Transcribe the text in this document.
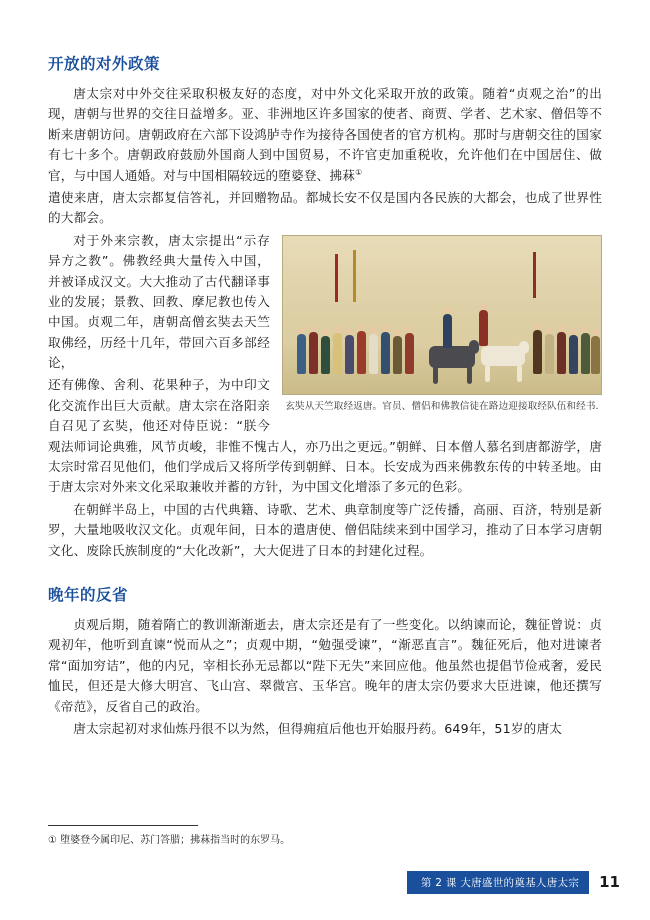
开放的对外政策

唐太宗对中外交往采取积极友好的态度，对中外文化采取开放的政策。随着“贞观之治”的出现，唐朝与世界的交往日益增多。亚、非洲地区许多国家的使者、商贾、学者、艺术家、僧侣等不断来唐朝访问。唐朝政府在六部下设鸿胪寺作为接待各国使者的官方机构。那时与唐朝交往的国家有七十多个。唐朝政府鼓励外国商人到中国贸易，不许官吏加重税收，允许他们在中国居住、做官，与中国人通婚。对与中国相隔较远的堕婆登、拂菻①

遣使来唐，唐太宗都复信答礼，并回赠物品。都城长安不仅是国内各民族的大都会，也成了世界性的大都会。

玄奘从天竺取经返唐。官员、僧侣和佛教信徒在路边迎接取经队伍和经书.

对于外来宗教，唐太宗提出“示存异方之教”。佛教经典大量传入中国，并被译成汉文。大大推动了古代翻译事业的发展；景教、回教、摩尼教也传入中国。贞观二年，唐朝高僧玄奘去天竺取佛经，历经十几年，带回六百多部经论，

还有佛像、舍利、花果种子，为中印文化交流作出巨大贡献。唐太宗在洛阳亲自召见了玄奘，他还对侍臣说：“朕今观法师词论典雅，风节贞峻，非惟不愧古人，亦乃出之更远。”朝鲜、日本僧人慕名到唐都游学，唐太宗时常召见他们，他们学成后又将所学传到朝鲜、日本。长安成为西来佛教东传的中转圣地。由于唐太宗对外来文化采取兼收并蓄的方针，为中国文化增添了多元的色彩。

在朝鲜半岛上，中国的古代典籍、诗歌、艺术、典章制度等广泛传播，高丽、百济，特别是新罗，大量地吸收汉文化。贞观年间，日本的遣唐使、僧侣陆续来到中国学习，推动了日本学习唐朝文化、废除氏族制度的“大化改新”，大大促进了日本的封建化过程。

晚年的反省

贞观后期，随着隋亡的教训渐渐逝去，唐太宗还是有了一些变化。以纳谏而论，魏征曾说：贞观初年，他听到直谏“悦而从之”；贞观中期，“勉强受谏”，“渐恶直言”。魏征死后，他对进谏者常“面加穷诘”，他的内兄，宰相长孙无忌都以“陛下无失”来回应他。他虽然也提倡节俭戒奢，爱民恤民，但还是大修大明宫、飞山宫、翠微宫、玉华宫。晚年的唐太宗仍要求大臣进谏，他还撰写《帝范》，反省自己的政治。

唐太宗起初对求仙炼丹很不以为然，但得痈疽后他也开始服丹药。649年，51岁的唐太

① 堕婆登今属印尼、苏门答腊；拂菻指当时的东罗马。
第 2 课 大唐盛世的奠基人唐太宗	11
